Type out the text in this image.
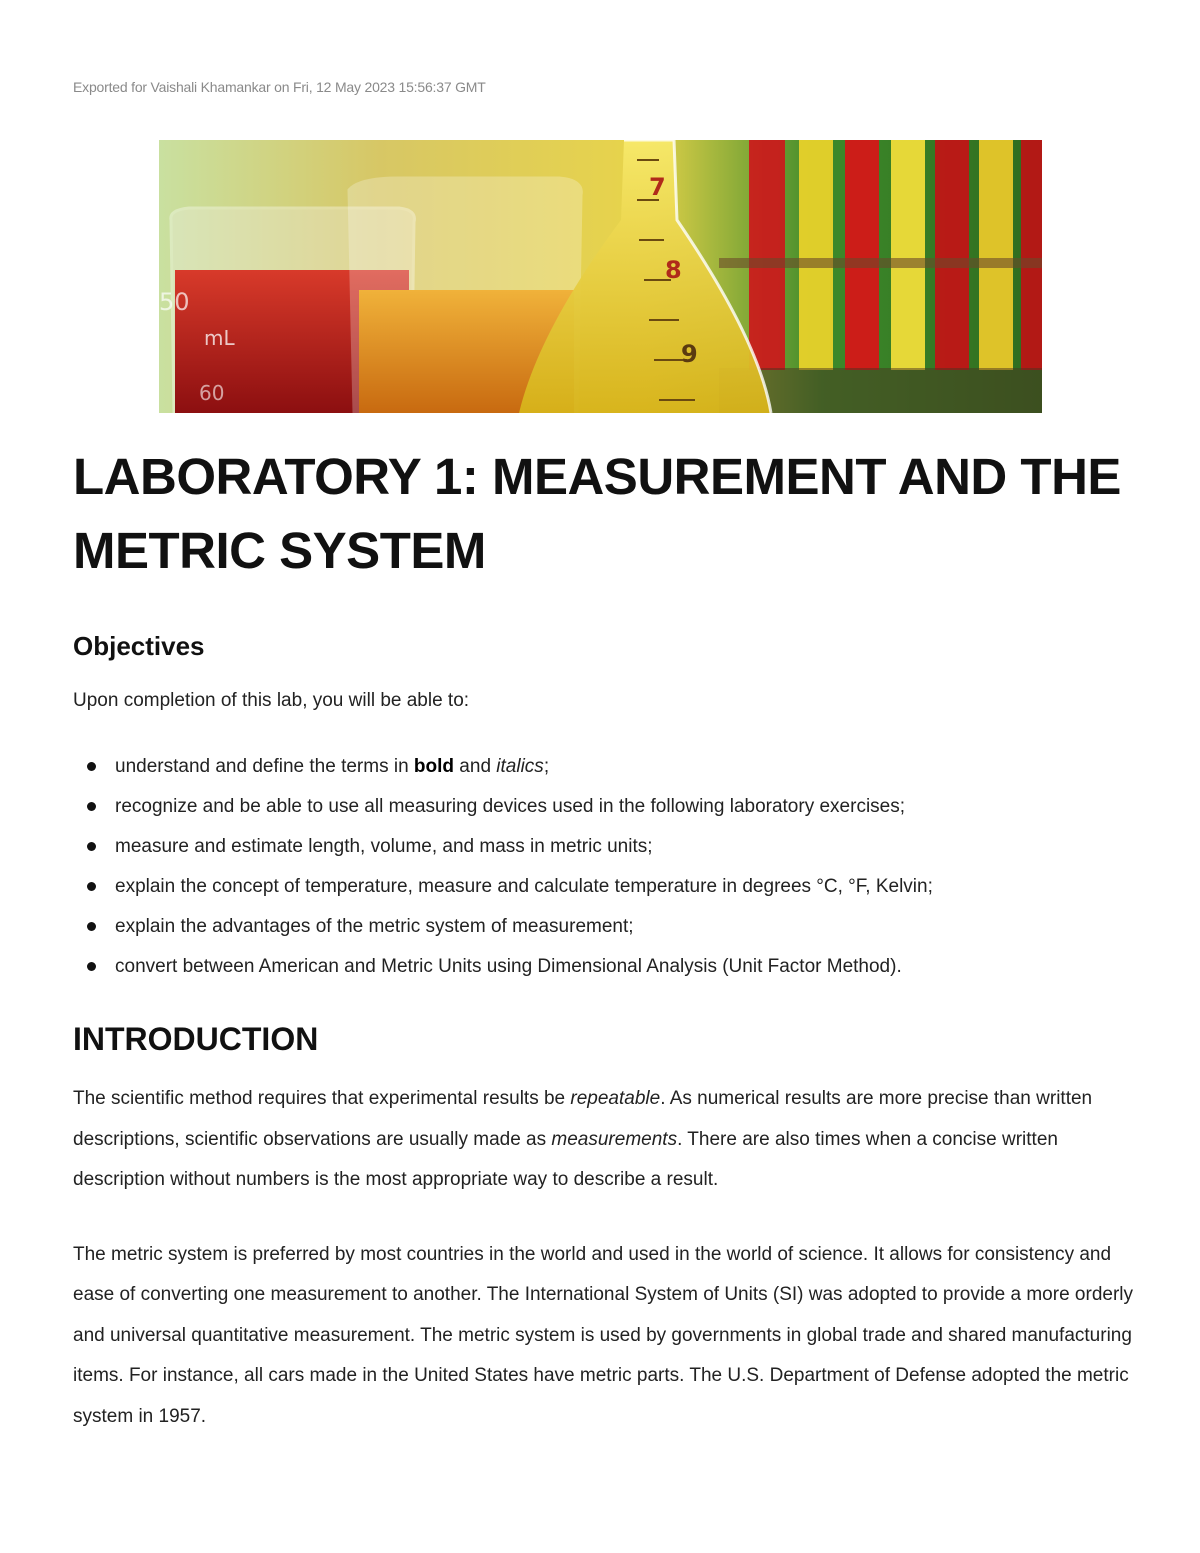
Exported for Vaishali Khamankar on Fri, 12 May 2023 15:56:37 GMT
50
mL
60
7
8
9
LABORATORY 1: MEASUREMENT AND THE METRIC SYSTEM
Objectives

Upon completion of this lab, you will be able to:

understand and define the terms in bold and italics;
recognize and be able to use all measuring devices used in the following laboratory exercises;
measure and estimate length, volume, and mass in metric units;
explain the concept of temperature, measure and calculate temperature in degrees °C, °F, Kelvin;
explain the advantages of the metric system of measurement;
convert between American and Metric Units using Dimensional Analysis (Unit Factor Method).
INTRODUCTION

The scientific method requires that experimental results be repeatable. As numerical results are more precise than written descriptions, scientific observations are usually made as measurements. There are also times when a concise written description without numbers is the most appropriate way to describe a result.

The metric system is preferred by most countries in the world and used in the world of science. It allows for consistency and ease of converting one measurement to another. The International System of Units (SI) was adopted to provide a more orderly and universal quantitative measurement. The metric system is used by governments in global trade and shared manufacturing items. For instance, all cars made in the United States have metric parts. The U.S. Department of Defense adopted the metric system in 1957.
